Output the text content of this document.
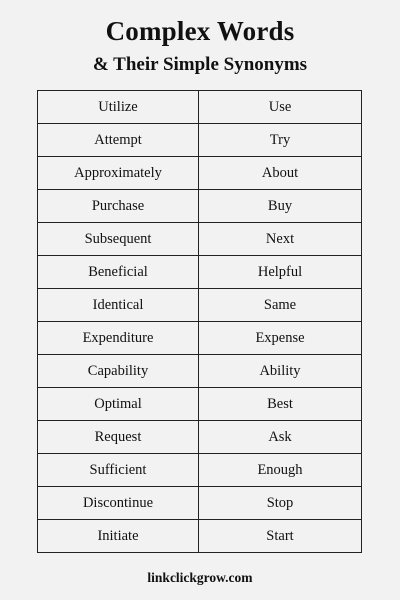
Complex Words
& Their Simple Synonyms
Utilize	Use
Attempt	Try
Approximately	About
Purchase	Buy
Subsequent	Next
Beneficial	Helpful
Identical	Same
Expenditure	Expense
Capability	Ability
Optimal	Best
Request	Ask
Sufficient	Enough
Discontinue	Stop
Initiate	Start
linkclickgrow.com
